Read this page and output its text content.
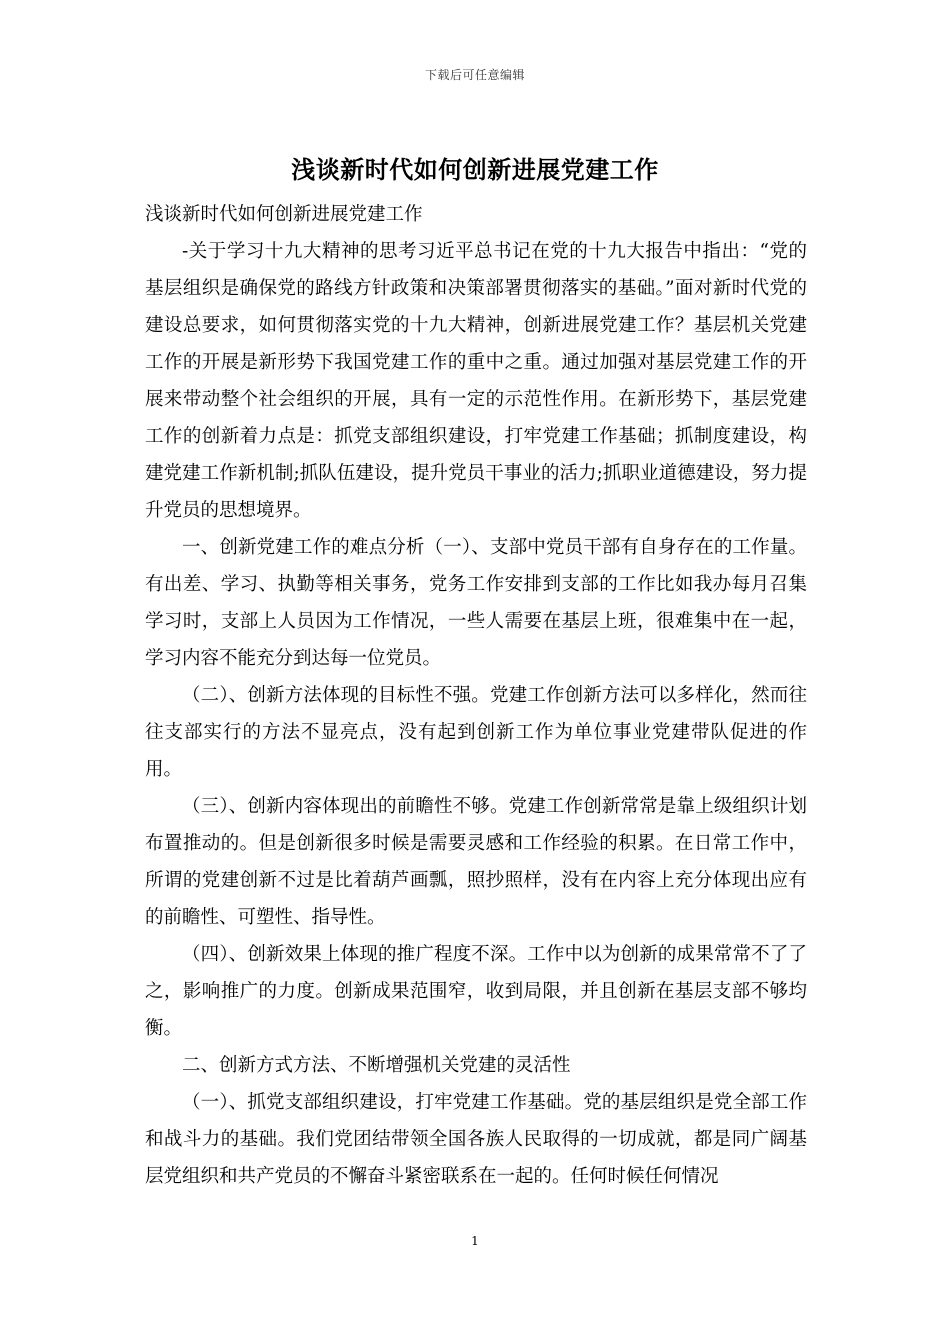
下载后可任意编辑
浅谈新时代如何创新进展党建工作

浅谈新时代如何创新进展党建工作

-关于学习十九大精神的思考习近平总书记在党的十九大报告中指出：“党的基层组织是确保党的路线方针政策和决策部署贯彻落实的基础。”面对新时代党的建设总要求，如何贯彻落实党的十九大精神，创新进展党建工作？基层机关党建工作的开展是新形势下我国党建工作的重中之重。通过加强对基层党建工作的开展来带动整个社会组织的开展，具有一定的示范性作用。在新形势下，基层党建工作的创新着力点是：抓党支部组织建设，打牢党建工作基础；抓制度建设，构建党建工作新机制;抓队伍建设，提升党员干事业的活力;抓职业道德建设，努力提升党员的思想境界。

一、创新党建工作的难点分析（一）、支部中党员干部有自身存在的工作量。有出差、学习、执勤等相关事务，党务工作安排到支部的工作比如我办每月召集学习时，支部上人员因为工作情况，一些人需要在基层上班，很难集中在一起，学习内容不能充分到达每一位党员。

（二）、创新方法体现的目标性不强。党建工作创新方法可以多样化，然而往往支部实行的方法不显亮点，没有起到创新工作为单位事业党建带队促进的作用。

（三）、创新内容体现出的前瞻性不够。党建工作创新常常是靠上级组织计划布置推动的。但是创新很多时候是需要灵感和工作经验的积累。在日常工作中，所谓的党建创新不过是比着葫芦画瓢，照抄照样，没有在内容上充分体现出应有的前瞻性、可塑性、指导性。

（四）、创新效果上体现的推广程度不深。工作中以为创新的成果常常不了了之，影响推广的力度。创新成果范围窄，收到局限，并且创新在基层支部不够均衡。

二、创新方式方法、不断增强机关党建的灵活性

（一）、抓党支部组织建设，打牢党建工作基础。党的基层组织是党全部工作和战斗力的基础。我们党团结带领全国各族人民取得的一切成就，都是同广阔基层党组织和共产党员的不懈奋斗紧密联系在一起的。任何时候任何情况

1
